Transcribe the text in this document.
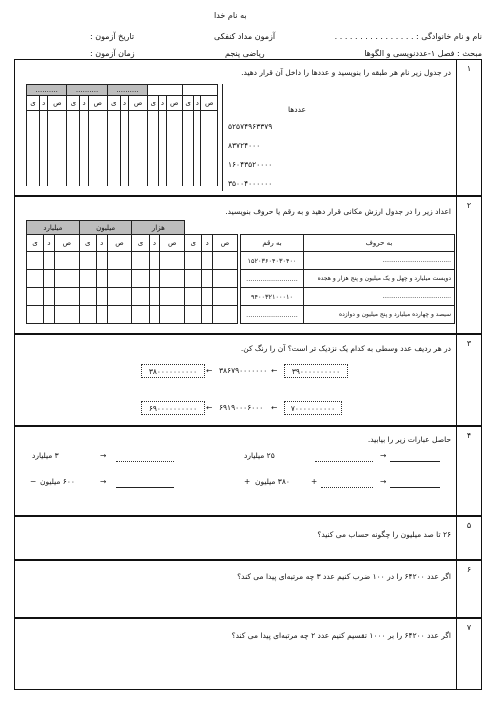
به نام خدا
نام و نام خانوادگی : . . . . . . . . . . . . . . . .
آزمون مداد کنفکی
تاریخ آزمون :
مبحث : فصل ۱-عددنویسی و الگوها
ریاضی پنجم
زمان آزمون :
۱
در جدول زیر نام هر طبقه را بنویسید و عددها را داخل آن قرار دهید.
..........			..........			..........								
ی	د	ص	ی	د	ص	ی	د	ص	ی	د	ص	ی	د	ص

عددها
۵۲۵۷۴۹۶۳۳۷۹
۸۳۷۲۴۰۰۰
۱۶۰۴۳۵۲۰۰۰۰
۳۵۰۰۴۰۰۰۰۰۰
۲
اعداد زیر را در جدول ارزش مکانی قرار دهید و به رقم یا حروف بنویسید.
میلیارد			میلیون			هزار					
ی	د	ص	ی	د	ص	ی	د	ص	ی	د	ص

												به رقم	به حروف
۱۵۲۰۳۶۰۴۰۳۰۴۰۰	....................................
.........................	دویست میلیارد و چهل و یک میلیون و پنج هزار و هجده
۹۴۰۰۳۲۱۰۰۰۱۰	....................................
.........................	سیصد و چهارده میلیارد و پنج میلیون و دوازده
۳
در هر ردیف عدد وسطی به کدام یک نزدیک تر است؟ آن را رنگ کن.
۳۸۰۰۰۰۰۰۰۰۰۰	← ۳۸۶۷۹۰۰۰۰۰۰۰ ←	۳۹۰۰۰۰۰۰۰۰۰۰
۶۹۰۰۰۰۰۰۰۰۰۰	← ۶۹۱۹۰۰۰۶۰۰۰ ←	۷۰۰۰۰۰۰۰۰۰۰
۴
حاصل عبارات زیر را بیابید.
۲۵ میلیارد	→
+ ۳۸۰ میلیون	+	→
۳ میلیارد	→
− ۶۰۰ میلیون	→
۵
۲۶ تا صد میلیون را چگونه حساب می کنید؟
۶
اگر عدد ۶۴۲۰۰ را در ۱۰۰ ضرب کنیم عدد ۳ چه مرتبه‌ای پیدا می کند؟
۷
اگر عدد ۶۴۲۰۰ را بر ۱۰۰۰ تقسیم کنیم عدد ۲ چه مرتبه‌ای پیدا می کند؟
